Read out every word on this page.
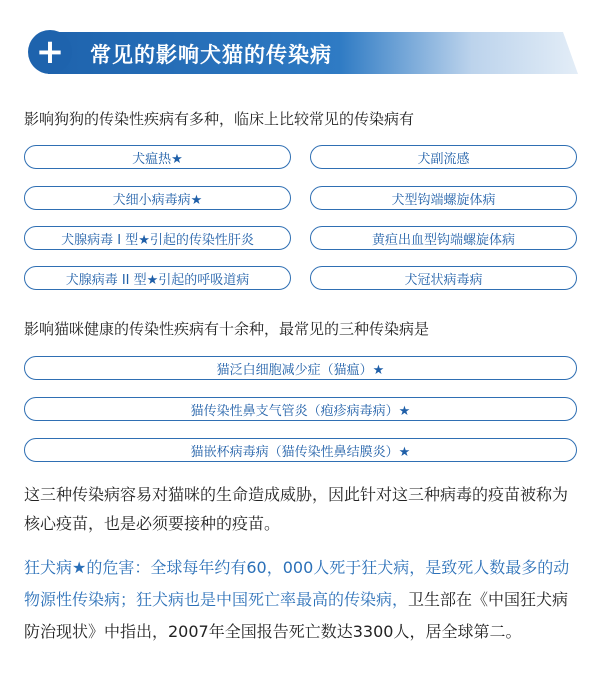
+	常见的影响犬猫的传染病
影响狗狗的传染性疾病有多种，临床上比较常见的传染病有
犬瘟热★	犬副流感
犬细小病毒病★	犬型钩端螺旋体病
犬腺病毒 I 型★引起的传染性肝炎	黄疸出血型钩端螺旋体病
犬腺病毒 II 型★引起的呼吸道病	犬冠状病毒病
影响猫咪健康的传染性疾病有十余种，最常见的三种传染病是
猫泛白细胞减少症（猫瘟）★
猫传染性鼻支气管炎（疱疹病毒病）★
猫嵌杯病毒病（猫传染性鼻结膜炎）★
这三种传染病容易对猫咪的生命造成威胁，因此针对这三种病毒的疫苗被称为核心疫苗，也是必须要接种的疫苗。
狂犬病★的危害：全球每年约有60，000人死于狂犬病，是致死人数最多的动物源性传染病；狂犬病也是中国死亡率最高的传染病，卫生部在《中国狂犬病防治现状》中指出，2007年全国报告死亡数达3300人，居全球第二。
